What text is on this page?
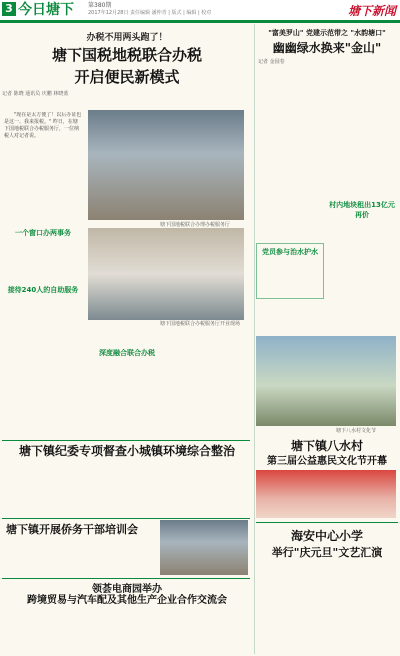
3 今日塘下 第380期
2017年12月28日 责任编辑 潘仲青 | 版式 | 编辑 | 校对	塘下新闻
办税不用两头跑了！
塘下国税地税联合办税
开启便民新模式
记者 陈晓 通讯员 庆鹏 林晓蓝
"现在是太方便了！以后办证也是这一、我来报税。" 昨日，在塘下国地税联合办税服务厅，一位纳税人对记者说。
一个窗口办两事务
接待240人的自助服务
塘下国地税联合办理办税服务厅
塘下国地税联合办税服务厅开业现场
深度融合联合办税
塘下镇纪委专项督查小城镇环境综合整治
塘下镇开展侨务干部培训会
领荟电商园举办
跨境贸易与汽车配及其他生产企业合作交流会
"富美罗山" 党建示范带之 "水韵塘口"
幽幽绿水换来"金山"
记者 金园卷
党员参与治水护水
村内地块租出13亿元再价
塘下八水村文化节
塘下镇八水村
第三届公益惠民文化节开幕
海安中心小学
举行"庆元旦"文艺汇演
